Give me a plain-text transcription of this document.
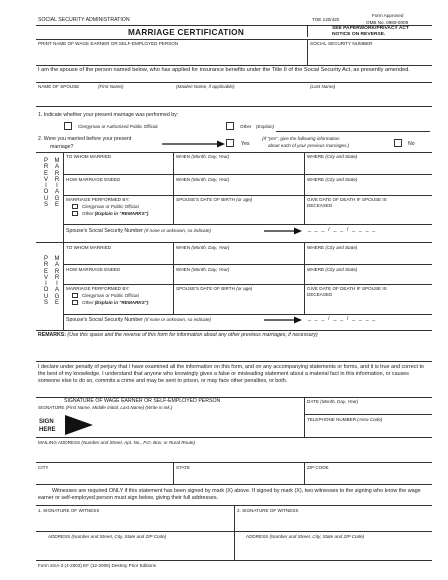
SOCIAL SECURITY ADMINISTRATION	TOE 120/420
Form Approved
OMB No. 0960-0009
MARRIAGE CERTIFICATION	SEE PAPERWORK/PRIVACY ACT NOTICE ON REVERSE.
PRINT NAME OF WAGE EARNER OR SELF-EMPLOYED PERSON	SOCIAL SECURITY NUMBER
I am the spouse of the person named below, who has applied for insurance benefits under the Title II of the Social Security Act, as presently amended.
NAME OF SPOUSE	(First Name)	(Maiden Name, if applicable)	(Last Name)
1. Indicate whether your present marriage was performed by:
Clergyman or Authorized Public Official	Other (Explain)
2. Were you married before your present
marriage?	Yes
(If "yes", give the following information
about each of your previous marriages.)	No
P
R
E
V
I
O
U
S
M
A
R
R
I
A
G
E
TO WHOM MARRIED	WHEN (Month, Day, Year)	WHERE (City and State)
HOW MARRIAGE ENDED	WHEN (Month, Day, Year)	WHERE (City and State)
MARRIAGE PERFORMED BY:
Clergyman or Public Official
Other (Explain in "REMARKS")
SPOUSE'S DATE OF BIRTH (or age)	GIVE DATE OF DEATH IF SPOUSE IS
DECEASED
Spouse's Social Security Number (If none or unknown, so indicate)	_ _ _ / _ _ / _ _ _ _
P
R
E
V
I
O
U
S
M
A
R
R
I
A
G
E
TO WHOM MARRIED	WHEN (Month, Day, Year)	WHERE (City and State)
HOW MARRIAGE ENDED	WHEN (Month, Day, Year)	WHERE (City and State)
MARRIAGE PERFORMED BY:
Clergyman or Public Official
Other (Explain in "REMARKS")
SPOUSE'S DATE OF BIRTH (or age)	GIVE DATE OF DEATH IF SPOUSE IS
DECEASED
Spouse's Social Security Number (If none or unknown, so indicate)	_ _ _ / _ _ / _ _ _ _
REMARKS: (Use this space and the reverse of this form for information about any other previous marriages, if necessary)
I declare under penalty of perjury that I have examined all the information on this form, and on any accompanying statements or forms, and it is true and correct to the best of my knowledge. I understand that anyone who knowingly gives a false or misleading statement about a material fact in this information, or causes someone else to do so, commits a crime and may be sent to prison, or may face other penalties, or both.
SIGNATURE OF WAGE EARNER OR SELF-EMPLOYED PERSON
SIGNATURE (First Name, Middle Initial, Last Name) (Write in ink.)
DATE (Month, Day, Year)
TELEPHONE NUMBER (Area Code)
SIGN
HERE
MAILING ADDRESS (Number and Street, Apt. No., P.O. Box, or Rural Route)
CITY	STATE	ZIP CODE
Witnesses are required ONLY if this statement has been signed by mark (X) above. If signed by mark (X), two witnesses to the signing who know the wage earner or self-employed person must sign below, giving their full addresses.
1. SIGNATURE OF WITNESS	2. SIGNATURE OF WITNESS
ADDRESS (Number and Street, City, State and ZIP Code)	ADDRESS (Number and Street, City, State and ZIP Code)
Form SSA-3 (4-2003) EF (12-2006) Destroy Prior Editions
